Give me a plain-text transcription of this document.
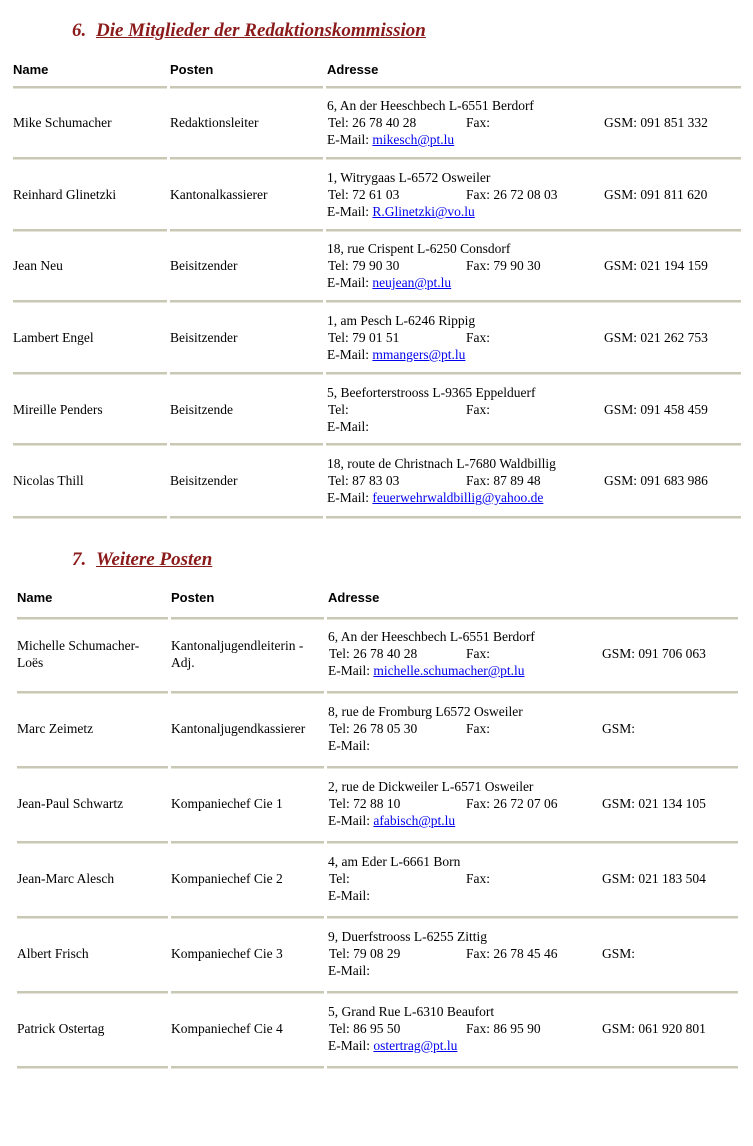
6. Die Mitglieder der Redaktionskommission
Name	Posten	Adresse
Mike Schumacher	Redaktionsleiter
6, An der Heeschbech L-6551 Berdorf
Tel: 26 78 40 28	Fax:	GSM: 091 851 332
E-Mail: mikesch@pt.lu
Reinhard Glinetzki	Kantonalkassierer
1, Witrygaas L-6572 Osweiler
Tel: 72 61 03	Fax: 26 72 08 03	GSM: 091 811 620
E-Mail: R.Glinetzki@vo.lu
Jean Neu	Beisitzender
18, rue Crispent L-6250 Consdorf
Tel: 79 90 30	Fax: 79 90 30	GSM: 021 194 159
E-Mail: neujean@pt.lu
Lambert Engel	Beisitzender
1, am Pesch L-6246 Rippig
Tel: 79 01 51	Fax:	GSM: 021 262 753
E-Mail: mmangers@pt.lu
Mireille Penders	Beisitzende
5, Beeforterstrooss L-9365 Eppelduerf
Tel:	Fax:	GSM: 091 458 459
E-Mail:
Nicolas Thill	Beisitzender
18, route de Christnach L-7680 Waldbillig
Tel: 87 83 03	Fax: 87 89 48	GSM: 091 683 986
E-Mail: feuerwehrwaldbillig@yahoo.de
7. Weitere Posten
Name	Posten	Adresse
Michelle Schumacher-Loës
Kantonaljugendleiterin - Adj.
6, An der Heeschbech L-6551 Berdorf
Tel: 26 78 40 28	Fax:	GSM: 091 706 063
E-Mail: michelle.schumacher@pt.lu
Marc Zeimetz	Kantonaljugendkassierer
8, rue de Fromburg L6572 Osweiler
Tel: 26 78 05 30	Fax:	GSM:
E-Mail:
Jean-Paul Schwartz	Kompaniechef Cie 1
2, rue de Dickweiler L-6571 Osweiler
Tel: 72 88 10	Fax: 26 72 07 06	GSM: 021 134 105
E-Mail: afabisch@pt.lu
Jean-Marc Alesch	Kompaniechef Cie 2
4, am Eder L-6661 Born
Tel:	Fax:	GSM: 021 183 504
E-Mail:
Albert Frisch	Kompaniechef Cie 3
9, Duerfstrooss L-6255 Zittig
Tel: 79 08 29	Fax: 26 78 45 46	GSM:
E-Mail:
Patrick Ostertag	Kompaniechef Cie 4
5, Grand Rue L-6310 Beaufort
Tel: 86 95 50	Fax: 86 95 90	GSM: 061 920 801
E-Mail: ostertrag@pt.lu
